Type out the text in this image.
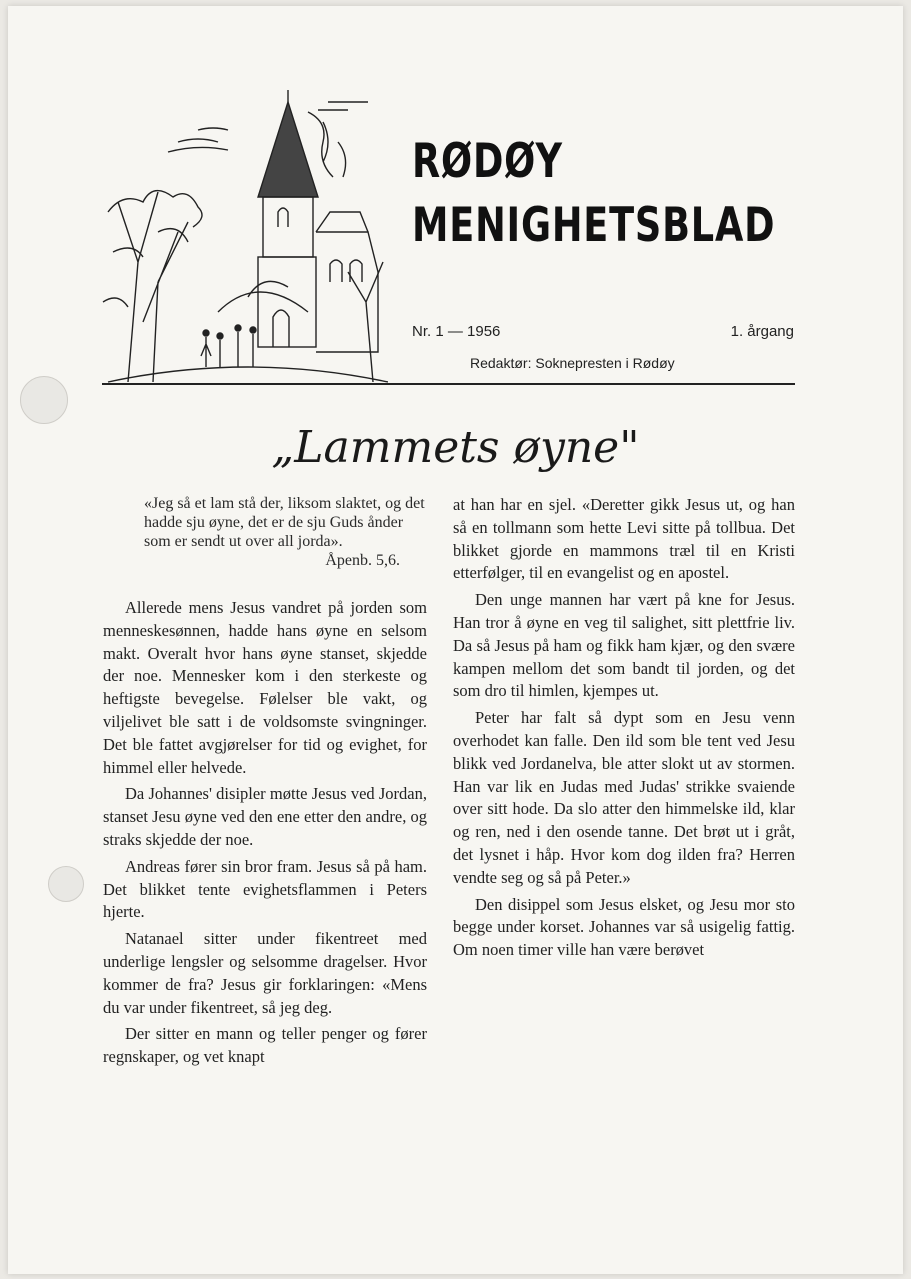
RØDØY
MENIGHETSBLAD
Nr. 1 — 1956	1. årgang
Redaktør: Soknepresten i Rødøy
„Lammets øyne"
«Jeg så et lam stå der, liksom slaktet, og det hadde sju øyne, det er de sju Guds ånder som er sendt ut over all jorda».
Åpenb. 5,6.

Allerede mens Jesus vandret på jorden som menneskesønnen, hadde hans øyne en selsom makt. Overalt hvor hans øyne stanset, skjedde der noe. Mennesker kom i den sterkeste og heftigste bevegelse. Følelser ble vakt, og viljelivet ble satt i de voldsomste svingninger. Det ble fattet avgjørelser for tid og evighet, for himmel eller helvede.

Da Johannes' disipler møtte Jesus ved Jordan, stanset Jesu øyne ved den ene etter den andre, og straks skjedde der noe.

Andreas fører sin bror fram. Jesus så på ham. Det blikket tente evighetsflammen i Peters hjerte.

Natanael sitter under fikentreet med underlige lengsler og selsomme dragelser. Hvor kommer de fra? Jesus gir forklaringen: «Mens du var under fikentreet, så jeg deg.

Der sitter en mann og teller penger og fører regnskaper, og vet knapt

at han har en sjel. «Deretter gikk Jesus ut, og han så en tollmann som hette Levi sitte på tollbua. Det blikket gjorde en mammons træl til en Kristi etterfølger, til en evangelist og en apostel.

Den unge mannen har vært på kne for Jesus. Han tror å øyne en veg til salighet, sitt plettfrie liv. Da så Jesus på ham og fikk ham kjær, og den svære kampen mellom det som bandt til jorden, og det som dro til himlen, kjempes ut.

Peter har falt så dypt som en Jesu venn overhodet kan falle. Den ild som ble tent ved Jesu blikk ved Jordanelva, ble atter slokt ut av stormen. Han var lik en Judas med Judas' strikke svaiende over sitt hode. Da slo atter den himmelske ild, klar og ren, ned i den osende tanne. Det brøt ut i gråt, det lysnet i håp. Hvor kom dog ilden fra? Herren vendte seg og så på Peter.»

Den disippel som Jesus elsket, og Jesu mor sto begge under korset. Johannes var så usigelig fattig. Om noen timer ville han være berøvet
